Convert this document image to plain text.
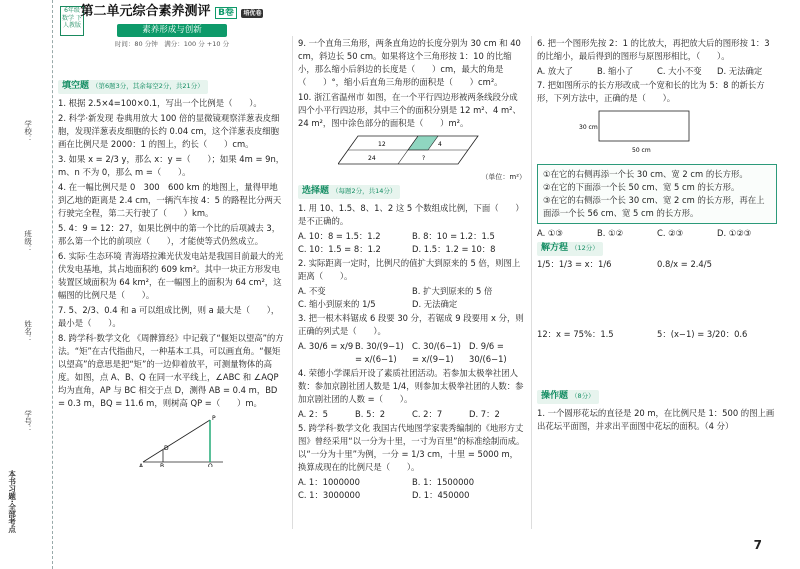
学校：
班级：
姓名：
学号：
本书习题·全部考点
6年级
数学 下
人教版
第二单元综合素养测评 B卷 培优卷
素养形成与创新
时间：80 分钟　满分：100 分 +10 分
填空题 （第6题3分，其余每空2分，共21分）
1. 根据 2.5×4=100×0.1，写出一个比例是（　　）。
2. 科学·新发现 卷典用放大 100 倍的显微镜观察洋葱表皮细胞，发现洋葱表皮细胞的长约 0.04 cm，这个洋葱表皮细胞画在比例尺是 2000：1 的图上，约长（　　）cm。
3. 如果 x = 2/3 y，那么 x：y =（　　）；如果 4m = 9n，m、n 不为 0，那么 m =（　　）。
4. 在一幅比例尺是 0　300　600 km 的地图上，量得甲地到乙地的距离是 2.4 cm，一辆汽车按 4：5 的路程比分两天行驶完全程，第二天行驶了（　　）km。
5. 4：9 = 12：27，如果比例中的第一个比的后项减去 3，那么第一个比的前项应（　　），才能使等式仍然成立。
6. 实际·生态环境 青海塔拉滩光伏发电站是我国目前最大的光伏发电基地，其占地面积约 609 km²。其中一块正方形发电装置区域面积为 64 km²，在一幅图上的面积为 64 cm²，这幅图的比例尺是（　　）。
7. 5、2/3、0.4 和 a 可以组成比例，则 a 最大是（　　），最小是（　　）。
8. 跨学科·数学文化 《周髀算经》中记载了“偃矩以望高”的方法。“矩”在古代指曲尺，一种基本工具，可以画直角。“偃矩以望高”的意思是把“矩”的一边仰着放平，可测量物体的高度。如图，点 A、B、Q 在同一水平线上，∠ABC 和 ∠AQP 均为直角，AP 与 BC 相交于点 D，测得 AB = 0.4 m，BD = 0.3 m，BQ = 11.6 m，则树高 QP =（　　）m。
A	B	Q
P
D
9. 一个直角三角形，两条直角边的长度分别为 30 cm 和 40 cm，斜边长 50 cm。如果将这个三角形按 1：10 的比缩小，那么缩小后斜边的长度是（　　）cm，最大的角是（　　）°，缩小后直角三角形的面积是（　　）cm²。
10. 浙江省温州市 如图，在一个平行四边形被两条线段分成四个小平行四边形，其中三个的面积分别是 12 m²、4 m²、24 m²，图中涂色部分的面积是（　　）m²。
12	4
24	?
（单位：m²）
选择题 （每题2分，共14分）
1. 用 10、1.5、8、1、2 这 5 个数组成比例，下面（　　）是不正确的。
A. 10：8 = 1.5：1.2	B. 8：10 = 1.2：1.5
C. 10：1.5 = 8：1.2	D. 1.5：1.2 = 10：8
2. 实际距离一定时，比例尺的值扩大到原来的 5 倍，则图上距离（　　）。
A. 不变	B. 扩大到原来的 5 倍
C. 缩小到原来的 1/5	D. 无法确定
3. 把一根木料锯成 6 段要 30 分，若锯成 9 段要用 x 分，则正确的列式是（　　）。
A. 30/6 = x/9 B. 30/(9−1) = x/(6−1)
C. 30/(6−1) = x/(9−1)
D. 9/6 = 30/(6−1)
4. 荣德小学课后开设了素质社团活动。若参加太极拳社团人数：参加京剧社团人数是 1/4，则参加太极拳社团的人数：参加京剧社团的人数 =（　　）。
A. 2：5	B. 5：2	C. 2：7	D. 7：2
5. 跨学科·数学文化 我国古代地图学家裴秀编制的《地形方丈图》曾经采用“以一分为十里，一寸为百里”的标准绘制而成。以“一分为十里”为例，一分 = 1/3 cm，十里 = 5000 m，换算成现在的比例尺是（　　）。
A. 1：1000000	B. 1：1500000
C. 1：3000000	D. 1：450000
6. 把一个图形先按 2：1 的比放大，再把放大后的图形按 1：3 的比缩小，最后得到的图形与原图形相比，（　　）。
A. 放大了	B. 缩小了	C. 大小不变	D. 无法确定
7. 把如图所示的长方形改成一个宽和长的比为 5：8 的新长方形，下列方法中，正确的是（　　）。
30 cm
50 cm
①在它的右侧再添一个长 30 cm、宽 2 cm 的长方形。
②在它的下面添一个长 50 cm、宽 5 cm 的长方形。
③在它的右侧添一个长 30 cm、宽 2 cm 的长方形，再在上面添一个长 56 cm、宽 5 cm 的长方形。
A. ①③	B. ①②	C. ②③	D. ①②③
解方程 （12分）
1/5：1/3 = x：1/6	0.8/x = 2.4/5
12：x = 75%：1.5	5：(x−1) = 3/20：0.6
操作题 （8分）
1. 一个圆形花坛的直径是 20 m，在比例尺是 1：500 的图上画出花坛平面图，并求出平面图中花坛的面积。（4 分）
7
